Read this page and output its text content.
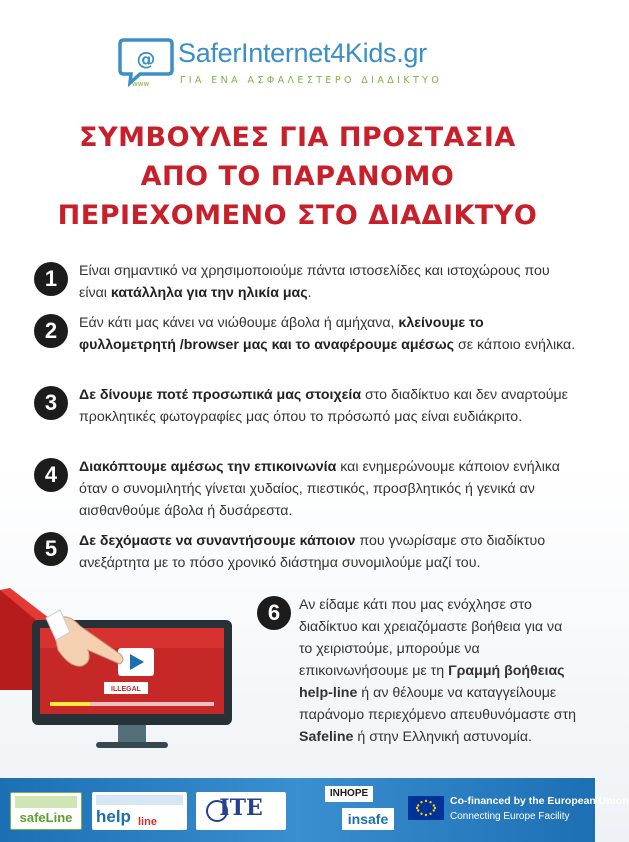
@
www
SaferInternet4Kids.gr
ΓΙΑ ΕΝΑ ΑΣΦΑΛΕΣΤΕΡΟ ΔΙΑΔΙΚΤΥΟ
ΣΥΜΒΟΥΛΕΣ ΓΙΑ ΠΡΟΣΤΑΣΙΑ
ΑΠΟ ΤΟ ΠΑΡΑΝΟΜΟ
ΠΕΡΙΕΧΟΜΕΝΟ ΣΤΟ ΔΙΑΔΙΚΤΥΟ
1	Είναι σημαντικό να χρησιμοποιούμε πάντα ιστοσελίδες και ιστοχώρους που είναι κατάλληλα για την ηλικία μας.
2	Εάν κάτι μας κάνει να νιώθουμε άβολα ή αμήχανα, κλείνουμε το φυλλομετρητή /browser μας και το αναφέρουμε αμέσως σε κάποιο ενήλικα.
3	Δε δίνουμε ποτέ προσωπικά μας στοιχεία στο διαδίκτυο και δεν αναρτούμε προκλητικές φωτογραφίες μας όπου το πρόσωπό μας είναι ευδιάκριτο.
4	Διακόπτουμε αμέσως την επικοινωνία και ενημερώνουμε κάποιον ενήλικα όταν ο συνομιλητής γίνεται χυδαίος, πιεστικός, προσβλητικός ή γενικά αν αισθανθούμε άβολα ή δυσάρεστα.
5	Δε δεχόμαστε να συναντήσουμε κάποιον που γνωρίσαμε στο διαδίκτυο ανεξάρτητα με το πόσο χρονικό διάστημα συνομιλούμε μαζί του.
ILLEGAL
6	Αν είδαμε κάτι που μας ενόχλησε στο διαδίκτυο και χρειαζόμαστε βοήθεια για να το χειριστούμε, μπορούμε να επικοινωνήσουμε με τη Γραμμή βοήθειας help-line ή αν θέλουμε να καταγγείλουμε παράνομο περιεχόμενο απευθυνόμαστε στη Safeline ή στην Ελληνική αστυνομία.
safeLine	help line
ΙΤΕ
INHOPE
insafe
Co-financed by the European Union
Connecting Europe Facility
